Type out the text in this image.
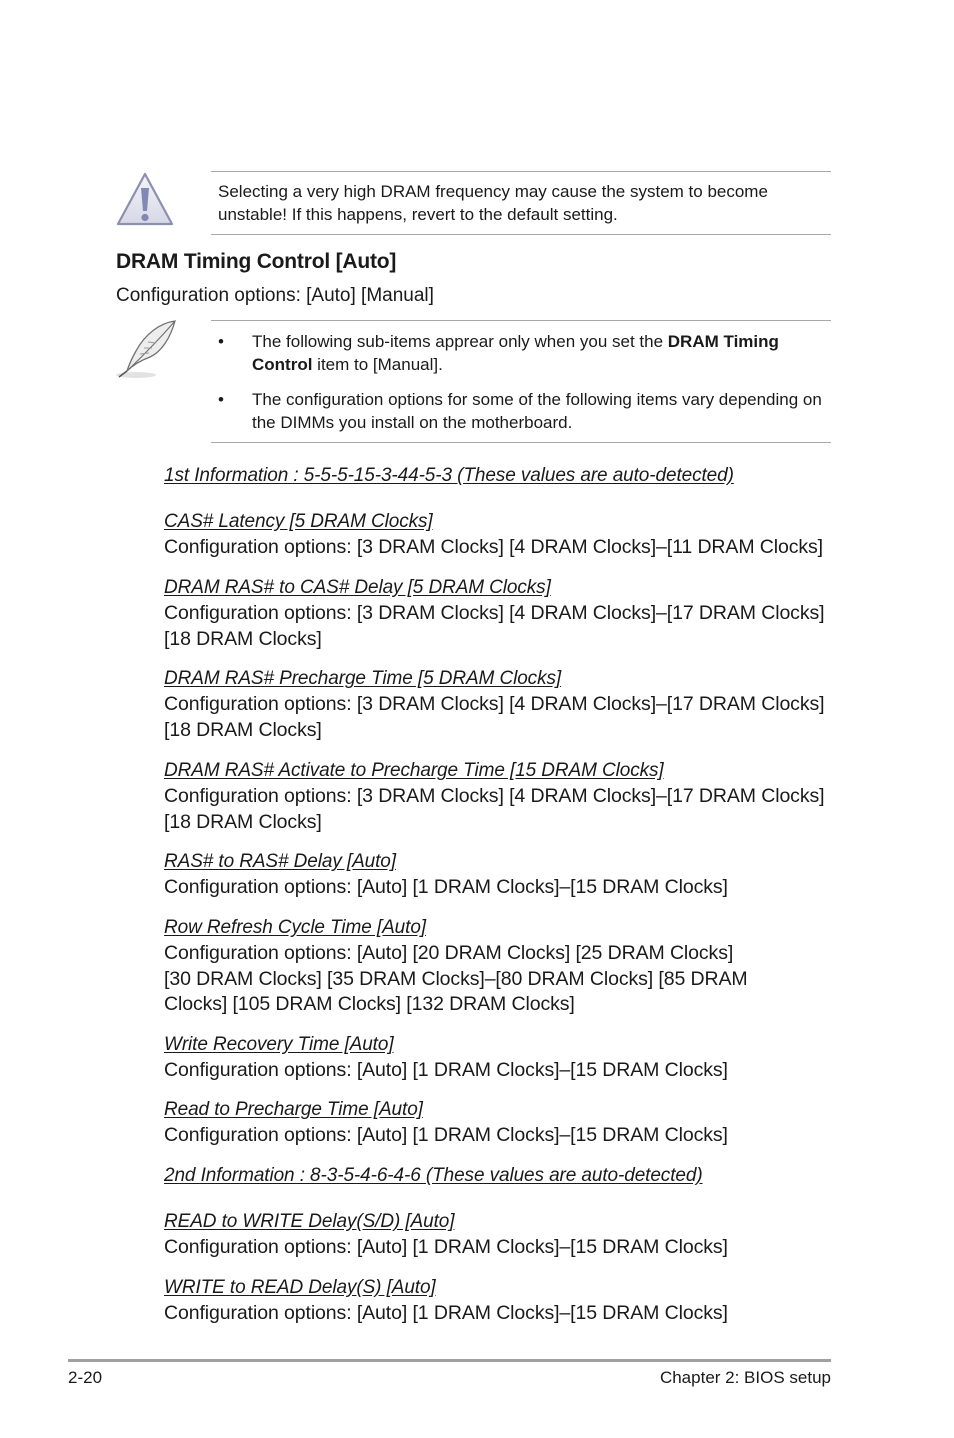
Selecting a very high DRAM frequency may cause the system to become
unstable! If this happens, revert to the default setting.
DRAM Timing Control [Auto]
Configuration options: [Auto] [Manual]
• The following sub-items apprear only when you set the DRAM Timing Control item to [Manual].
• The configuration options for some of the following items vary depending on the DIMMs you install on the motherboard.
1st Information : 5-5-5-15-3-44-5-3 (These values are auto-detected)
CAS# Latency [5 DRAM Clocks]
Configuration options: [3 DRAM Clocks] [4 DRAM Clocks]–[11 DRAM Clocks]
DRAM RAS# to CAS# Delay [5 DRAM Clocks]
Configuration options: [3 DRAM Clocks] [4 DRAM Clocks]–[17 DRAM Clocks] [18 DRAM Clocks]
DRAM RAS# Precharge Time [5 DRAM Clocks]
Configuration options: [3 DRAM Clocks] [4 DRAM Clocks]–[17 DRAM Clocks] [18 DRAM Clocks]
DRAM RAS# Activate to Precharge Time [15 DRAM Clocks]
Configuration options: [3 DRAM Clocks] [4 DRAM Clocks]–[17 DRAM Clocks] [18 DRAM Clocks]
RAS# to RAS# Delay [Auto]
Configuration options: [Auto] [1 DRAM Clocks]–[15 DRAM Clocks]
Row Refresh Cycle Time [Auto]
Configuration options: [Auto] [20 DRAM Clocks] [25 DRAM Clocks] [30 DRAM Clocks] [35 DRAM Clocks]–[80 DRAM Clocks] [85 DRAM Clocks] [105 DRAM Clocks] [132 DRAM Clocks]
Write Recovery Time [Auto]
Configuration options: [Auto] [1 DRAM Clocks]–[15 DRAM Clocks]
Read to Precharge Time [Auto]
Configuration options: [Auto] [1 DRAM Clocks]–[15 DRAM Clocks]
2nd Information : 8-3-5-4-6-4-6 (These values are auto-detected)
READ to WRITE Delay(S/D) [Auto]
Configuration options: [Auto] [1 DRAM Clocks]–[15 DRAM Clocks]
WRITE to READ Delay(S) [Auto]
Configuration options: [Auto] [1 DRAM Clocks]–[15 DRAM Clocks]
2-20	Chapter 2: BIOS setup
